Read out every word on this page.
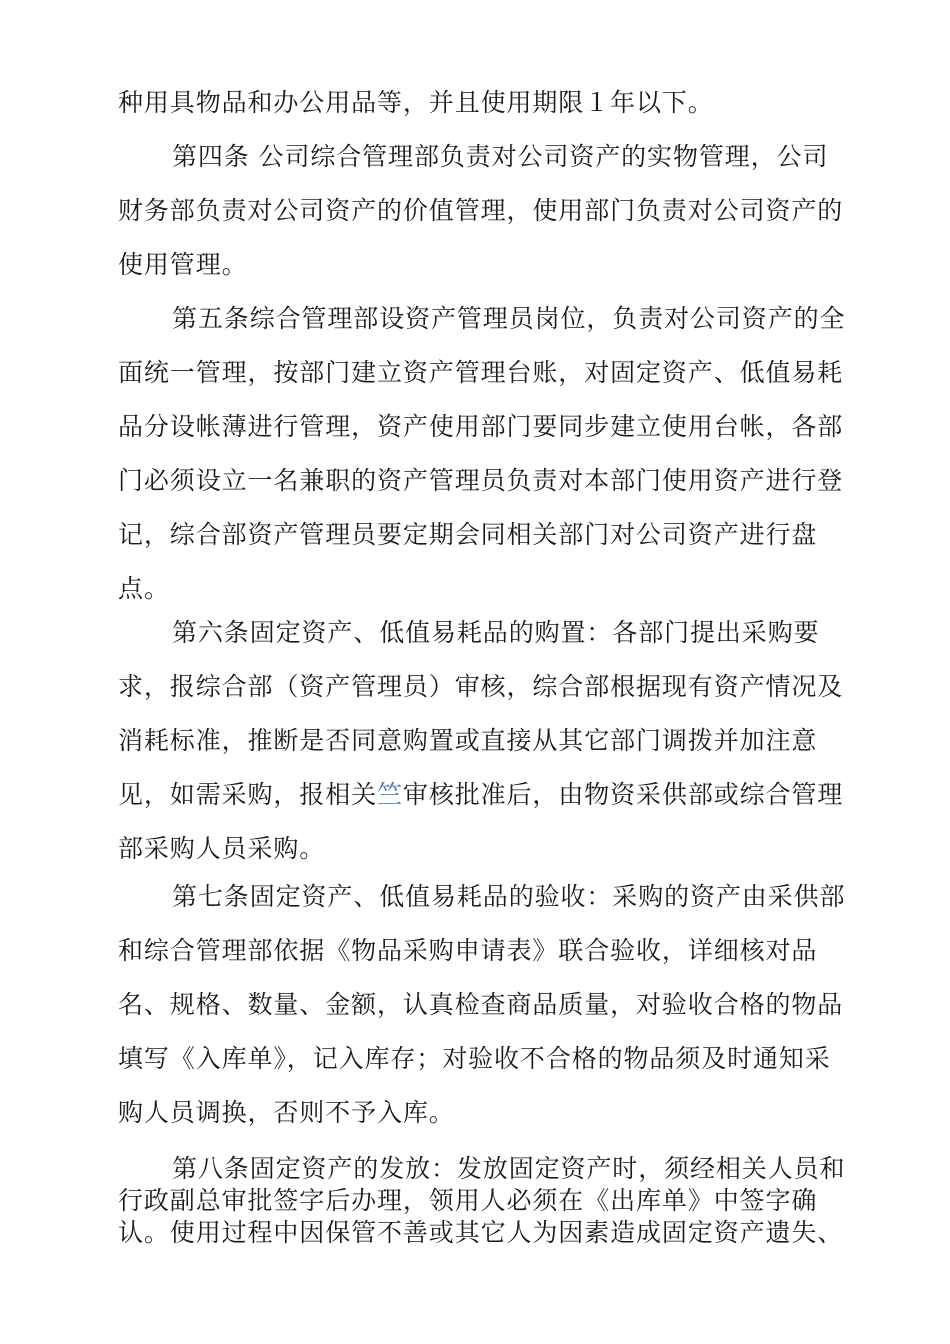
种用具物品和办公用品等，并且使用期限１年以下。
第四条 公司综合管理部负责对公司资产的实物管理，公司
财务部负责对公司资产的价值管理，使用部门负责对公司资产的
使用管理。
第五条综合管理部设资产管理员岗位，负责对公司资产的全
面统一管理，按部门建立资产管理台账，对固定资产、低值易耗
品分设帐薄进行管理，资产使用部门要同步建立使用台帐，各部
门必须设立一名兼职的资产管理员负责对本部门使用资产进行登
记，综合部资产管理员要定期会同相关部门对公司资产进行盘
点。
第六条固定资产、低值易耗品的购置：各部门提出采购要
求，报综合部（资产管理员）审核，综合部根据现有资产情况及
消耗标准，推断是否同意购置或直接从其它部门调拨并加注意
见，如需采购，报相关竺审核批准后，由物资采供部或综合管理
部采购人员采购。
第七条固定资产、低值易耗品的验收：采购的资产由采供部
和综合管理部依据《物品采购申请表》联合验收，详细核对品
名、规格、数量、金额，认真检查商品质量，对验收合格的物品
填写《入库单》，记入库存；对验收不合格的物品须及时通知采
购人员调换，否则不予入库。
第八条固定资产的发放：发放固定资产时，须经相关人员和
行政副总审批签字后办理，领用人必须在《出库单》中签字确
认。使用过程中因保管不善或其它人为因素造成固定资产遗失、
